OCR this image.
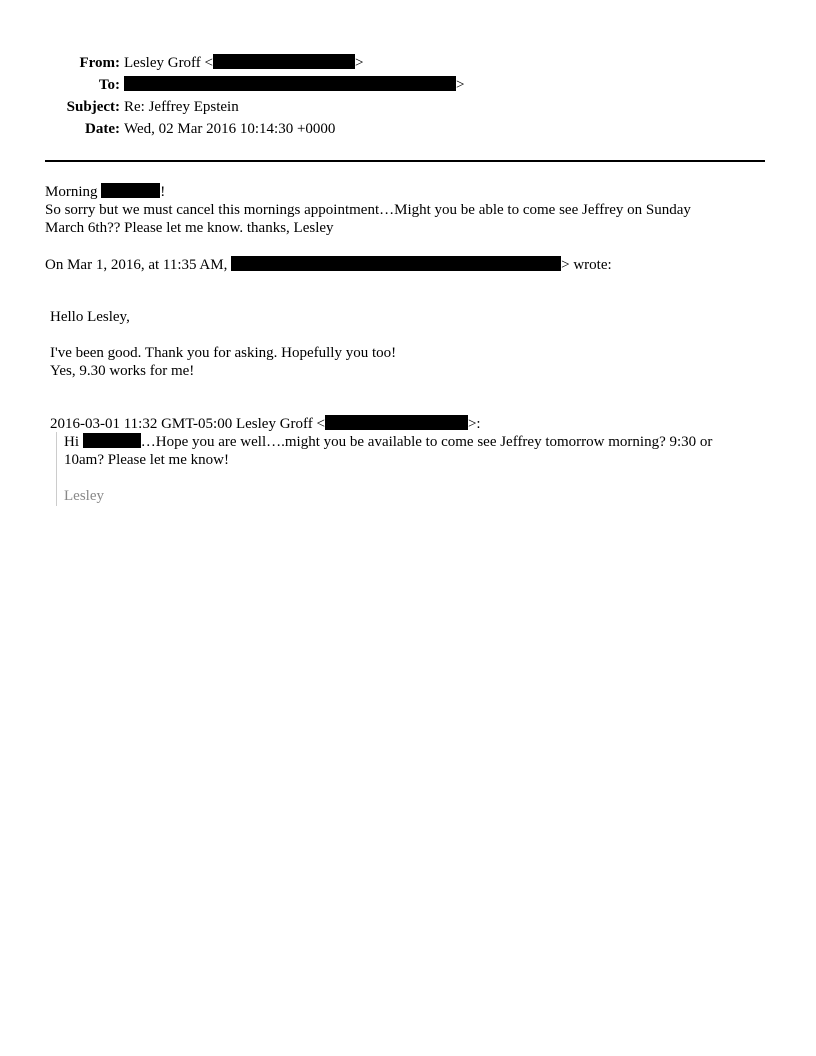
From: Lesley Groff <	>
To:	>
Subject: Re: Jeffrey Epstein
Date: Wed, 02 Mar 2016 10:14:30 +0000
Morning	!
So sorry but we must cancel this mornings appointment…Might you be able to come see Jeffrey on Sunday
March 6th?? Please let me know. thanks, Lesley
On Mar 1, 2016, at 11:35 AM,	> wrote:
Hello Lesley,
I've been good. Thank you for asking. Hopefully you too!
Yes, 9.30 works for me!
2016-03-01 11:32 GMT-05:00 Lesley Groff <	>:
Hi	…Hope you are well….might you be available to come see Jeffrey tomorrow morning? 9:30 or
10am? Please let me know!
Lesley
